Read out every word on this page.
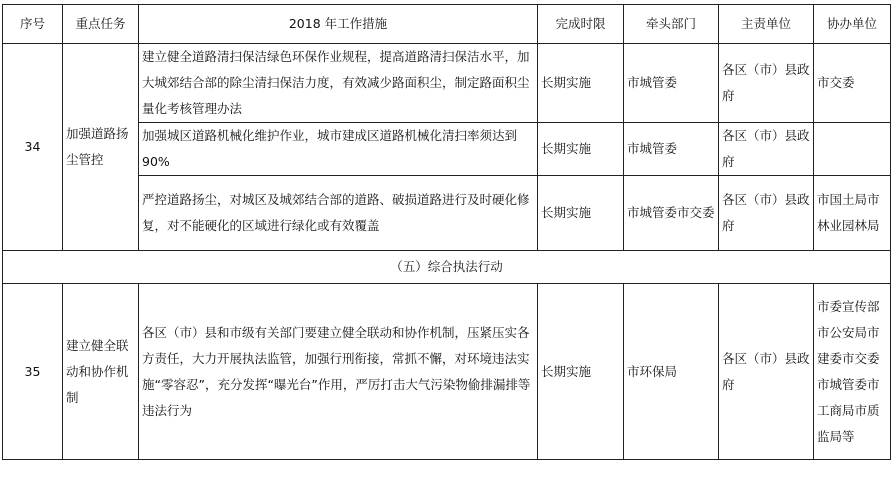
序号	重点任务	2018 年工作措施	完成时限	牵头部门	主责单位	协办单位
34	加强道路扬尘管控	建立健全道路清扫保洁绿色环保作业规程，提高道路清扫保洁水平，加大城郊结合部的除尘清扫保洁力度，有效减少路面积尘，制定路面积尘量化考核管理办法	长期实施	市城管委	各区（市）县政府	市交委
		加强城区道路机械化维护作业，城市建成区道路机械化清扫率须达到 90%	长期实施	市城管委	各区（市）县政府	
		严控道路扬尘，对城区及城郊结合部的道路、破损道路进行及时硬化修复，对不能硬化的区域进行绿化或有效覆盖	长期实施	市城管委市交委	各区（市）县政府	市国土局市林业园林局
（五）综合执法行动						
35	建立健全联动和协作机制	各区（市）县和市级有关部门要建立健全联动和协作机制，压紧压实各方责任，大力开展执法监管，加强行刑衔接，常抓不懈，对环境违法实施“零容忍”，充分发挥“曝光台”作用，严厉打击大气污染物偷排漏排等违法行为	长期实施	市环保局	各区（市）县政府	市委宣传部市公安局市建委市交委市城管委市工商局市质监局等
